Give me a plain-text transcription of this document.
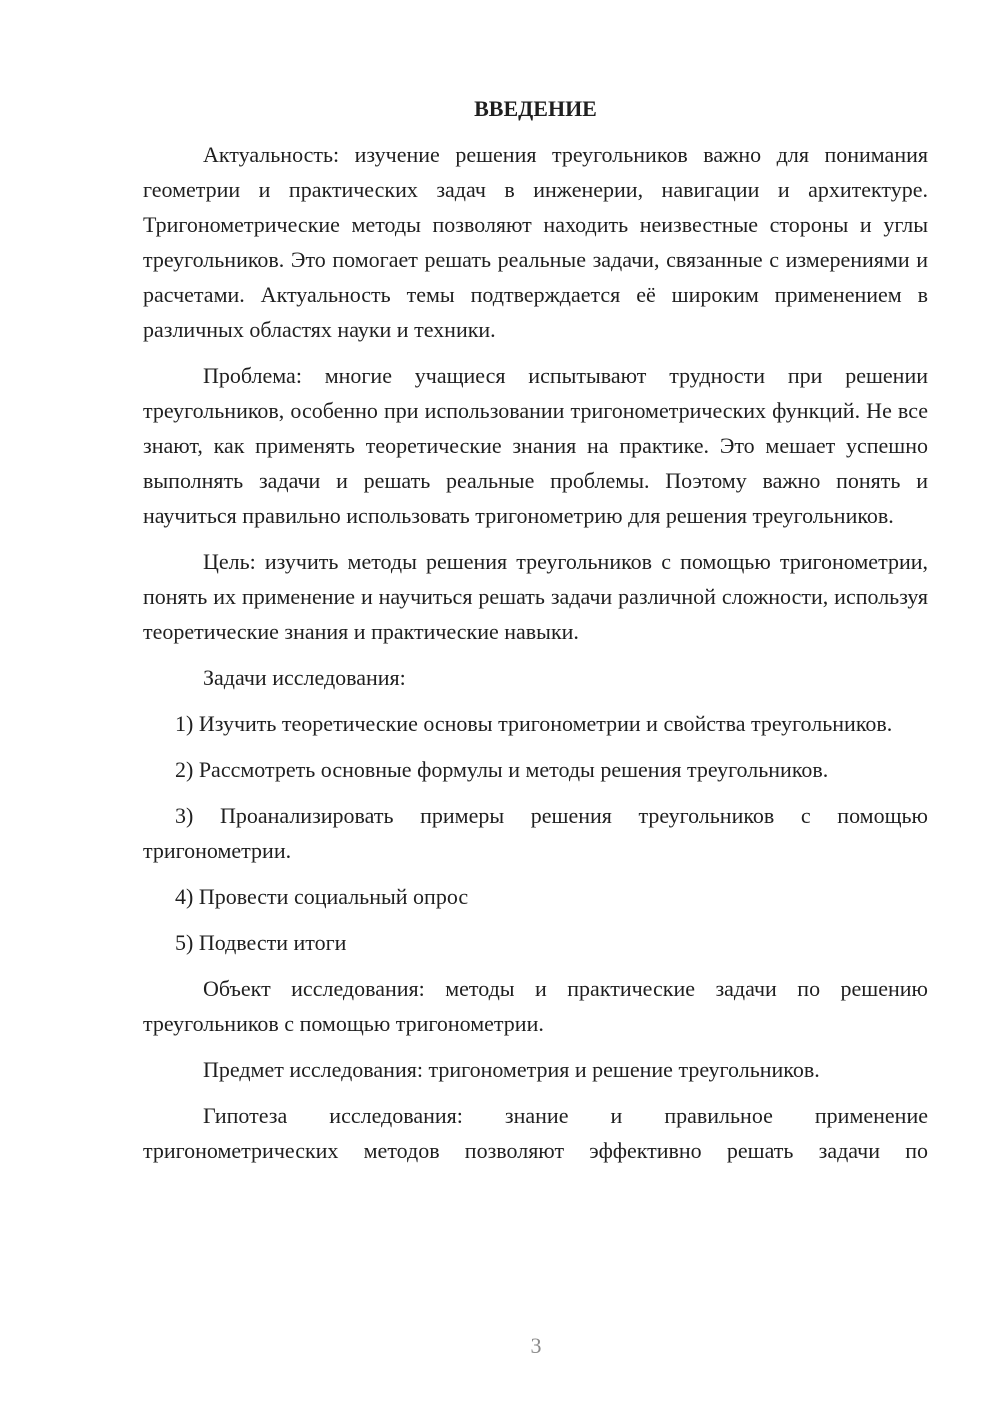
ВВЕДЕНИЕ

Актуальность: изучение решения треугольников важно для понимания геометрии и практических задач в инженерии, навигации и архитектуре. Тригонометрические методы позволяют находить неизвестные стороны и углы треугольников. Это помогает решать реальные задачи, связанные с измерениями и расчетами. Актуальность темы подтверждается её широким применением в различных областях науки и техники.

Проблема: многие учащиеся испытывают трудности при решении треугольников, особенно при использовании тригонометрических функций. Не все знают, как применять теоретические знания на практике. Это мешает успешно выполнять задачи и решать реальные проблемы. Поэтому важно понять и научиться правильно использовать тригонометрию для решения треугольников.

Цель: изучить методы решения треугольников с помощью тригонометрии, понять их применение и научиться решать задачи различной сложности, используя теоретические знания и практические навыки.

Задачи исследования:

1) Изучить теоретические основы тригонометрии и свойства треугольников.

2) Рассмотреть основные формулы и методы решения треугольников.

3) Проанализировать примеры решения треугольников с помощью тригонометрии.

4) Провести социальный опрос

5) Подвести итоги

Объект исследования: методы и практические задачи по решению треугольников с помощью тригонометрии.

Предмет исследования: тригонометрия и решение треугольников.

Гипотеза исследования: знание и правильное применение тригонометрических методов позволяют эффективно решать задачи по

3
